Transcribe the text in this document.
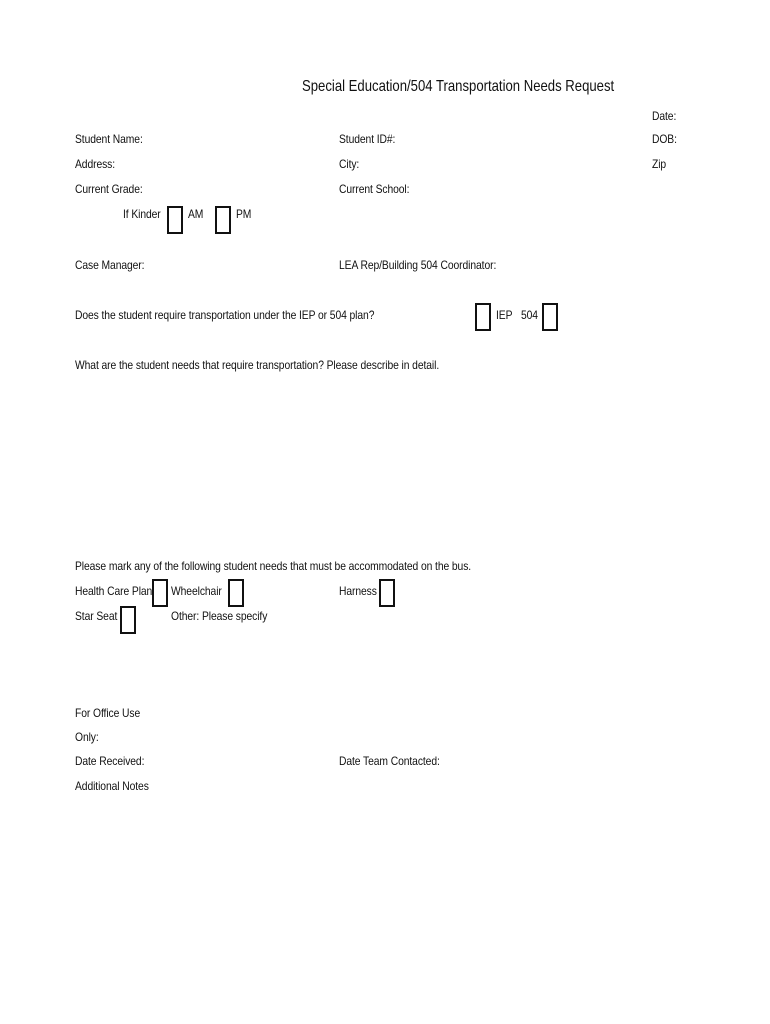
Special Education/504 Transportation Needs Request
Date:
Student Name:	Student ID#:	DOB:
Address:	City:	Zip
Current Grade:	Current School:
If Kinder AM	PM
Case Manager:	LEA Rep/Building 504 Coordinator:
Does the student require transportation under the IEP or 504 plan?	IEP 504
What are the student needs that require transportation? Please describe in detail.
Please mark any of the following student needs that must be accommodated on the bus.
Health Care Plan Wheelchair	Harness
Star Seat	Other: Please specify
For Office Use
Only:
Date Received:	Date Team Contacted:
Additional Notes
